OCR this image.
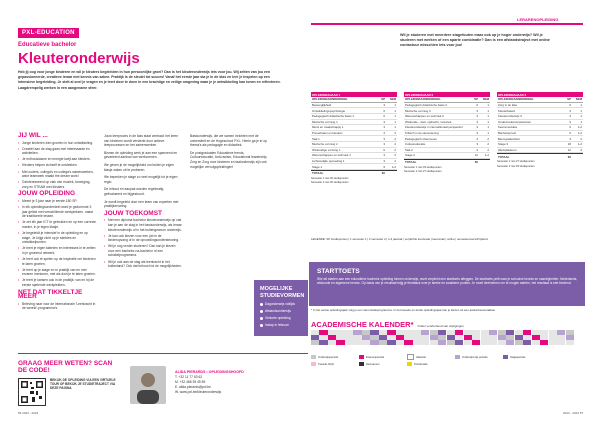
PXL-EDUCATION
Educatieve bachelor
Kleuteronderwijs
Heb jij oog voor jonge kinderen en wil je kleuters begeleiden in hun persoonlijke groei? Dan is het kleuteronderwijs iets voor jou. Wij zetten van jou een gepassioneerde, creatieve leraar met kennis van zaken. Praktijk is de sleutel tot succes! Vanaf het eerste jaar sta je in de klas en leer je inspelen op een intensieve begeleiding. Je stelt al snel je vragen en je leert door te doen in een krachtige en veilige omgeving waar je je ontwikkeling kan tonen en reflecteren. Laagdrempelig werken in een aangename sfeer.
JIJ WIL ...
• Jonge kinderen zien groeien in hun ontwikkeling.
• Creatief aan de slag gaan met interessante en activiteiten.
• Je enthousiasme en energie kwijt aan kleuters.
• Kleuters helpen zichzelf te ontdekken.
• Met ouders, collega's en collega's samenwerken, want teamwerk maakt the dream work!
• Geinteresseerd op vlak van muziek, beweging, zorg en STEAM met kleuters.
JOUW OPLEIDING
• Meent je 3 jaar naar je eerste 180 SP.
• In elk opleidingsonderdeel word je gedurende 3 jaar geleid met verschillende werkplekken, naast de traditionele lessen.
• Je zet elk jaar ICT te gebruiken en op een correcte manier, in je eigen klasje.
• Je begeleidt je intensief in de opleiding en op stage. Je krijgt zicht op je sterktes en ontwikkelpunten.
• Je leert je eigen talenten en interesses in te zetten in je groeiend netwerk.
• Je leert ook te spelen op de inspiratie om kinderen te laten groeien.
• Je leert op je stage en in praktijk van en met ervaren mentoren, met als doel je te laten groeien.
• Je leert je kansen ook in de praktijk: van en bij de eerste spelende werkplekken.
NET DAT TIKKELTJE MEER
• Beleving naar voor de internationale 'Leerkracht in de wereld'-programma's.
Jouw leerproces in de klas staat centraal: het leren van kinderen wordt versterkt door actieve leerprocessen en het samenwerken.
Binnen de opleiding werk je aan een spannend en gevarieerd aanbod van werkvormen.
We geven je de mogelijkheid om buiten je eigen klasje zaken uit te proberen.
We beperken je stage zo veel mogelijk tot je eigen regio.
De inhoud en aanpak worden regelmatig geëvalueerd en bijgestuurd.
Je wordt begeleid door een team van experten met praktijkervaring.
JOUW TOEKOMST
• Met een diploma bachelor kleuteronderwijs op zak kan je aan de slag in het basisonderwijs, als leraar kleuteronderwijs of in het buitengewoon onderwijs.
• Je kan ook kiezen voor een job in de kinderopvang of in de opvoedingsondersteuning.
• Wil je nog verder studeren? Dan kan je kiezen voor een bachelor-na-bachelor of een schakelprogramma.
• Wil je ook aan de slag als leerkracht in het buitenland? Ook dat behoort tot de mogelijkheden.
Basisonderwijs, die we samen inrichten met de universiteit en de Hogeschool PXL. Hierin ga je in op thema's als pedagogie en didactiek.
De postgraduaten Educatieve trends, Cultuureducatie, Anti-racism, Educational leadership, Zorg en Zorg voor kinderen en taalonderwijs zijn ook mogelijke vervolgopleidingen!
MOGELIJKE STUDIEVORMEN
Dagonderwijs voltijds
Afstandsonderwijs
Verkorte opleiding
Instap in februari
GRAAG MEER WETEN? SCAN DE CODE!
BEKIJK DE OPLEIDING VIA EEN VIRTUELE TOUR OF BEKIJK JE STUDIETRAJECT VIA DEZE PAGINA
ALIDA PIERARDS • OPLEIDINGSHOOFD
T. +32 11 77 63 62
M. +32 468 35 45 89
E. alida.pierards@pxl.be
W. www.pxl.be/kleuteronderwijs
56 2023 - 2024
LERARENOPLEIDING
Wil je studeren met meerdere stagefouten maar ook op je hoger onderwijs? Wil je studeren met werken of een aparte combinatie? Dan is een afstandstraject met online contactuur misschien iets voor jou!
OPLEIDINGSJAAR 1
OPLEIDINGSONDERDEEL	SP	SEM
Beweeglijkheid	3	1
Ontwikkelingspsychologie	6	1
Pedagogisch didactische basis 1	6	1
Muzische vorming 1	3	1
Mens en maatschappij 1	3	1
Preverbalen en kleuters	3	2
Taal 1	3	2
Muzische vorming 2	3	2
Wiskundige vorming 1	6	2
Wetenschappen en techniek 1	3	2
Lichamelijke opvoeding 1	3	2
Stage 1	9	1-2
TOTAAL	60
Semester 1 met 30 studiepunten
Semester 2 met 30 studiepunten
OPLEIDINGSJAAR 2
OPLEIDINGSONDERDEEL	SP	SEM
Pedagogisch didactische basis 2	6	1
Muzische vorming 3	3	1
Wetenschappen en techniek 2	3	1
Wiskunde - doel, opdracht, motoriek	3	1
Kleuteronderwijs in internationaal perspectief	3	1
Kritisch in de samenleving	3	1
Pedagogisch observeren	3	2
Cultuureducatie	3	2
Taal 2	3	2
Stage 2	12	1-2
TOTAAL	60
Semester 1 met 33 studiepunten
Semester 2 met 27 studiepunten
OPLEIDINGSJAAR 3
OPLEIDINGSONDERDEEL	SP	SEM
Zorg in de klas	6	1
Kleuterbeleid	3	1
Kleuteronderwijs 3	3	1
Onderzoekscompetenties	3	1
Keuzemodules	6	1-2
Bachelorproef	6	1-2
Beroepsidentiteit	3	2
Stage 3	18	1-2
Werkplekleren	12	2
TOTAAL	60
Semester 1 met 27 studiepunten
Semester 2 met 33 studiepunten
LEGENDE: SP studiepunten | 1 semester 1 | 2 semester 2 | 1-2 jaarvak | verplichte keuzevak | keuzevak | online | semesteroverschrijdend
STARTTOETS
Wie wil starten aan een educatieve bachelor opleiding binnen onderwijs, moet verplicht een starttoets afleggen. De starttoets peilt naar je schoolse kennis en vaardigheden: Nederlands, wiskunde en algemene kennis. Op basis van je resultaat krijg je feedback over je sterke en zwakkere punten. Je moet deelnemen om te mogen starten, het resultaat is niet bindend.
* In het eerste opleidingsjaar volg je een vast studieprogramma. In het tweede en derde opleidingsjaar kan je kiezen uit een aantal keuzevakken.
ACADEMISCHE KALENDER* Onder voorbehoud van wijzigingen
Onderwijsperiode	Examenperiode	Vakantie	Onderwijsvrije periode	Stageperiode
Tweede zittijd	Herexamen	Proclamatie
2023 - 2024 57
